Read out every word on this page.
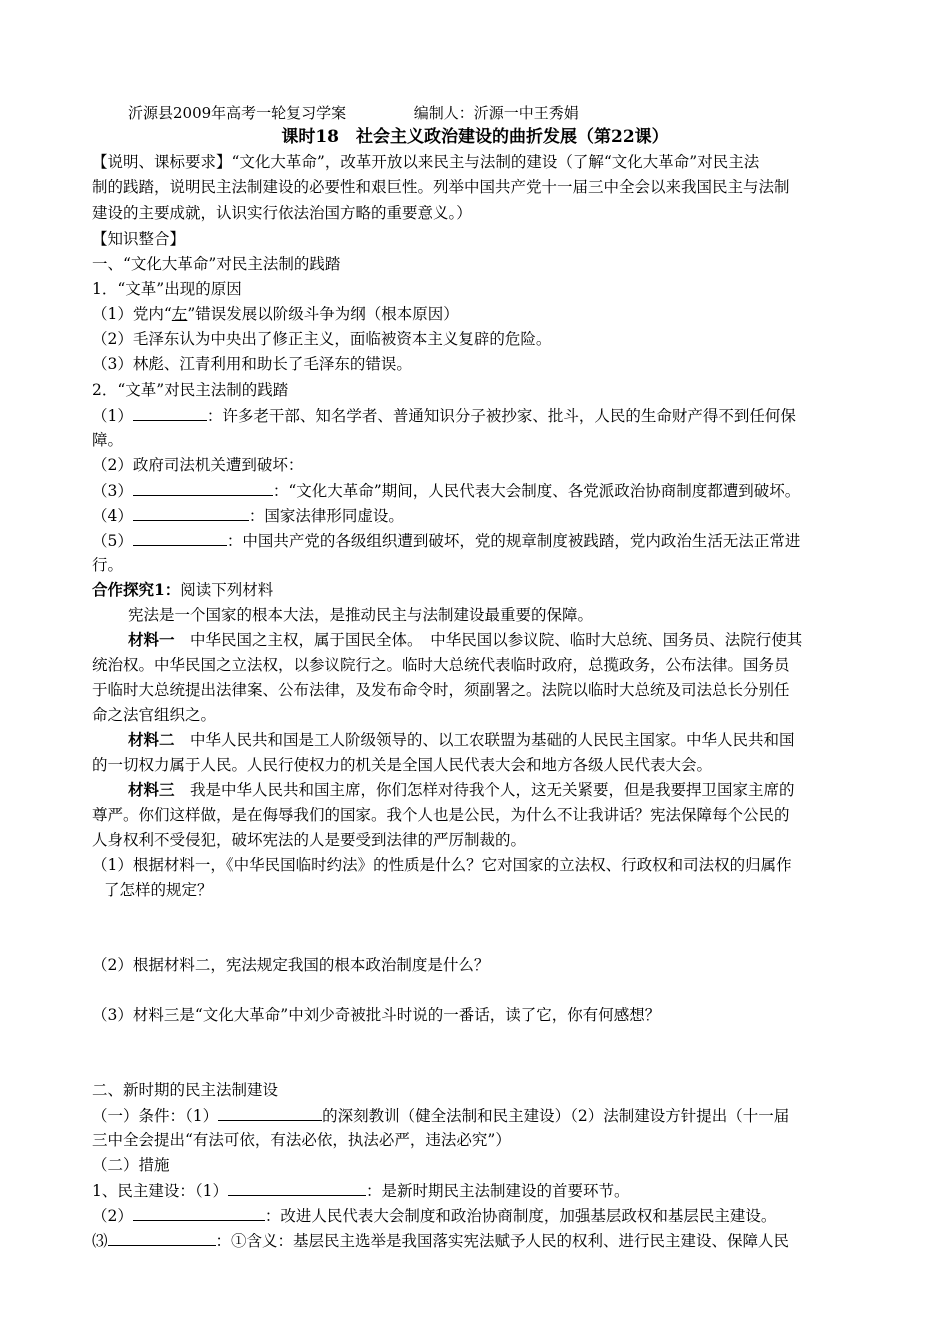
沂源县2009年高考一轮复习学案	编制人：沂源一中王秀娟
课时18　社会主义政治建设的曲折发展（第22课）
【说明、课标要求】“文化大革命”，改革开放以来民主与法制的建设（了解“文化大革命”对民主法
制的践踏，说明民主法制建设的必要性和艰巨性。列举中国共产党十一届三中全会以来我国民主与法制
建设的主要成就，认识实行依法治国方略的重要意义。）
【知识整合】
一、“文化大革命”对民主法制的践踏
1．“文革”出现的原因
（1）党内“左”错误发展以阶级斗争为纲（根本原因）
（2）毛泽东认为中央出了修正主义，面临被资本主义复辟的危险。
（3）林彪、江青利用和助长了毛泽东的错误。
2．“文革”对民主法制的践踏
（1）	：许多老干部、知名学者、普通知识分子被抄家、批斗，人民的生命财产得不到任何保
障。
（2）政府司法机关遭到破坏：
（3）	：“文化大革命”期间，人民代表大会制度、各党派政治协商制度都遭到破坏。
（4）	：国家法律形同虚设。
（5）	：中国共产党的各级组织遭到破坏，党的规章制度被践踏，党内政治生活无法正常进
行。
合作探究1：阅读下列材料
宪法是一个国家的根本大法，是推动民主与法制建设最重要的保障。
材料一　中华民国之主权，属于国民全体。　中华民国以参议院、临时大总统、国务员、法院行使其
统治权。中华民国之立法权，以参议院行之。临时大总统代表临时政府，总揽政务，公布法律。国务员
于临时大总统提出法律案、公布法律，及发布命令时，须副署之。法院以临时大总统及司法总长分别任
命之法官组织之。
材料二　中华人民共和国是工人阶级领导的、以工农联盟为基础的人民民主国家。中华人民共和国
的一切权力属于人民。人民行使权力的机关是全国人民代表大会和地方各级人民代表大会。
材料三　我是中华人民共和国主席，你们怎样对待我个人，这无关紧要，但是我要捍卫国家主席的
尊严。你们这样做，是在侮辱我们的国家。我个人也是公民，为什么不让我讲话？宪法保障每个公民的
人身权利不受侵犯，破坏宪法的人是要受到法律的严厉制裁的。
（1）根据材料一，《中华民国临时约法》的性质是什么？它对国家的立法权、行政权和司法权的归属作
了怎样的规定？
（2）根据材料二，宪法规定我国的根本政治制度是什么？
（3）材料三是“文化大革命”中刘少奇被批斗时说的一番话，读了它，你有何感想？
二、新时期的民主法制建设
（一）条件：（1）	的深刻教训（健全法制和民主建设）（2）法制建设方针提出（十一届
三中全会提出“有法可依，有法必依，执法必严，违法必究”）
（二）措施
1、民主建设：（1）	：是新时期民主法制建设的首要环节。
（2）	：改进人民代表大会制度和政治协商制度，加强基层政权和基层民主建设。
⑶	：①含义：基层民主选举是我国落实宪法赋予人民的权利、进行民主建设、保障人民
